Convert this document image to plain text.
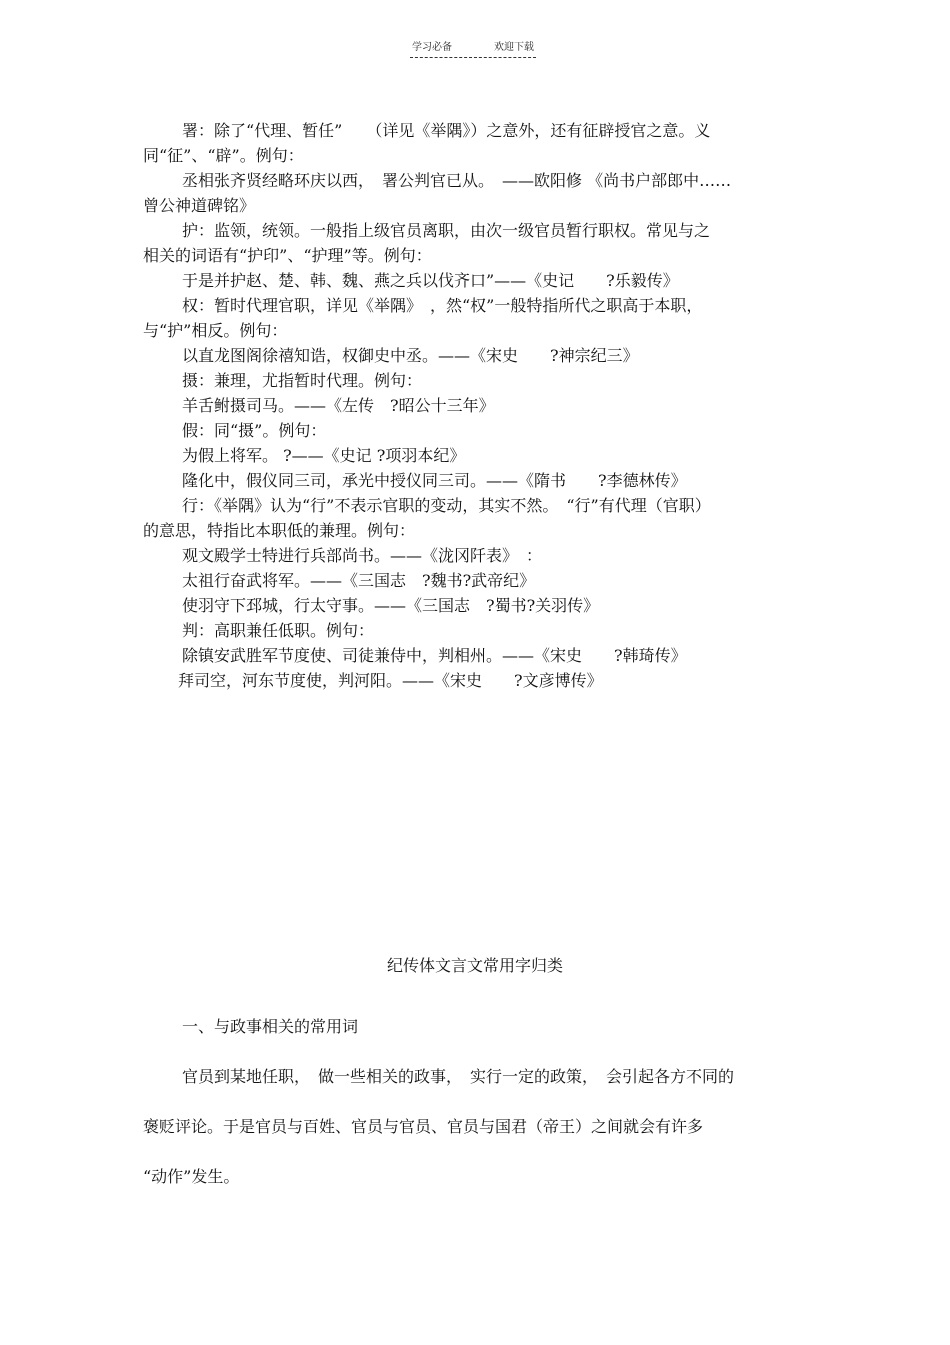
学习必备	欢迎下载
署：除了“代理、暂任”　　（详见《举隅》）之意外，还有征辟授官之意。义
同“征”、“辟”。例句：
丞相张齐贤经略环庆以西，　署公判官已从。　——欧阳修 《尚书户部郎中……
曾公神道碑铭》
护：监领，统领。一般指上级官员离职，由次一级官员暂行职权。常见与之
相关的词语有“护印”、“护理”等。例句：
于是并护赵、楚、韩、魏、燕之兵以伐齐口”——《史记　　?乐毅传》
权：暂时代理官职，详见《举隅》　，然“权”一般特指所代之职高于本职，
与“护”相反。例句：
以直龙图阁徐禧知诰，权御史中丞。——《宋史　　?神宗纪三》
摄：兼理，尤指暂时代理。例句：
羊舌鲋摄司马。——《左传　?昭公十三年》
假：同“摄”。例句：
为假上将军。 ?——《史记 ?项羽本纪》
隆化中，假仪同三司，承光中授仪同三司。——《隋书　　?李德林传》
行：《举隅》认为“行”不表示官职的变动，其实不然。　“行”有代理（官职）
的意思，特指比本职低的兼理。例句：
观文殿学士特进行兵部尚书。——《泷冈阡表》　：
太祖行奋武将军。——《三国志　?魏书?武帝纪》
使羽守下邳城，行太守事。——《三国志　?蜀书?关羽传》
判：高职兼任低职。例句：
除镇安武胜军节度使、司徒兼侍中，判相州。——《宋史　　?韩琦传》
拜司空，河东节度使，判河阳。——《宋史　　?文彦博传》
纪传体文言文常用字归类
一、与政事相关的常用词
官员到某地任职，　做一些相关的政事，　实行一定的政策，　会引起各方不同的
褒贬评论。于是官员与百姓、官员与官员、官员与国君（帝王）之间就会有许多
“动作”发生。
